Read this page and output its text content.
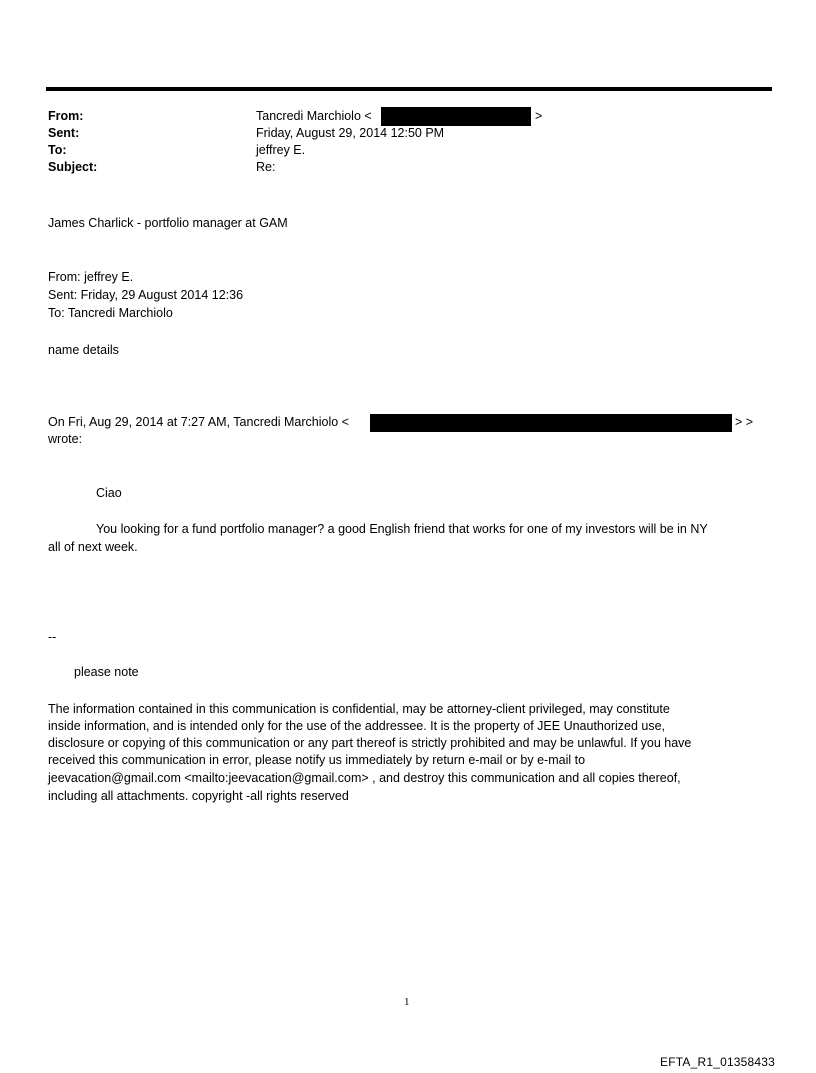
From:	Tancredi Marchiolo <	>
Sent:	Friday, August 29, 2014 12:50 PM
To:	jeffrey E.
Subject:	Re:
James Charlick - portfolio manager at GAM
From: jeffrey E.
Sent: Friday, 29 August 2014 12:36
To: Tancredi Marchiolo
name details
On Fri, Aug 29, 2014 at 7:27 AM, Tancredi Marchiolo <	> >
wrote:
Ciao
You looking for a fund portfolio manager? a good English friend that works for one of my investors will be in NY
all of next week.
--
please note
The information contained in this communication is confidential, may be attorney-client privileged, may constitute
inside information, and is intended only for the use of the addressee. It is the property of JEE Unauthorized use,
disclosure or copying of this communication or any part thereof is strictly prohibited and may be unlawful. If you have
received this communication in error, please notify us immediately by return e-mail or by e-mail to
jeevacation@gmail.com <mailto:jeevacation@gmail.com> , and destroy this communication and all copies thereof,
including all attachments. copyright -all rights reserved
1
EFTA_R1_01358433
